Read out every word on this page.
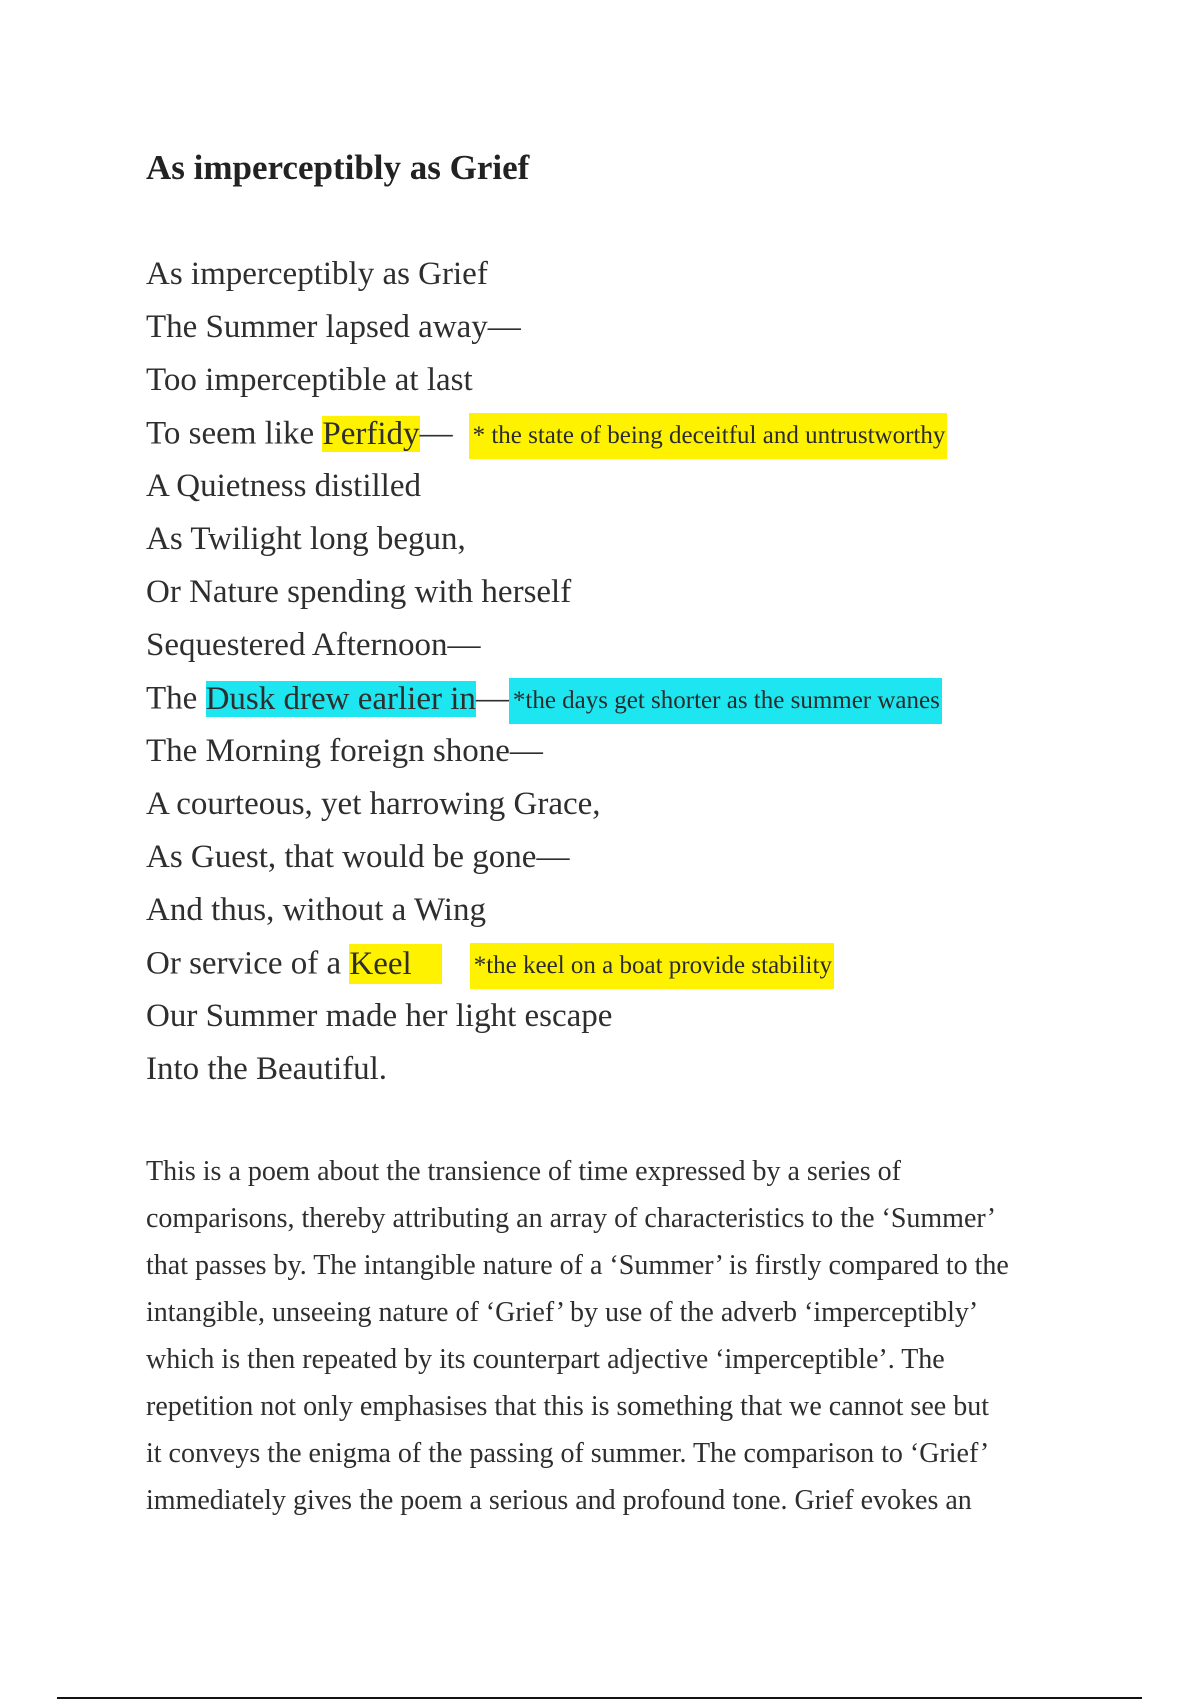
As imperceptibly as Grief
As imperceptibly as Grief
The Summer lapsed away—
Too imperceptible at last
To seem like Perfidy— * the state of being deceitful and untrustworthy
A Quietness distilled
As Twilight long begun,
Or Nature spending with herself
Sequestered Afternoon—
The Dusk drew earlier in— *the days get shorter as the summer wanes
The Morning foreign shone—
A courteous, yet harrowing Grace,
As Guest, that would be gone—
And thus, without a Wing
Or service of a Keel *the keel on a boat provide stability
Our Summer made her light escape
Into the Beautiful.
This is a poem about the transience of time expressed by a series of
comparisons, thereby attributing an array of characteristics to the ‘Summer’
that passes by. The intangible nature of a ‘Summer’ is firstly compared to the
intangible, unseeing nature of ‘Grief’ by use of the adverb ‘imperceptibly’
which is then repeated by its counterpart adjective ‘imperceptible’. The
repetition not only emphasises that this is something that we cannot see but
it conveys the enigma of the passing of summer. The comparison to ‘Grief’
immediately gives the poem a serious and profound tone. Grief evokes an
